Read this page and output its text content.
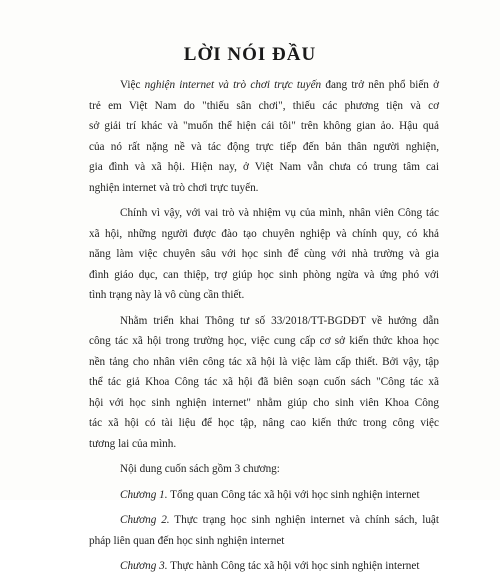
LỜI NÓI ĐẦU
Việc nghiện internet và trò chơi trực tuyến đang trở nên phổ biến ở
trẻ em Việt Nam do "thiếu sân chơi", thiếu các phương tiện và cơ
sở giải trí khác và "muốn thể hiện cái tôi" trên không gian ảo. Hậu quả
của nó rất nặng nề và tác động trực tiếp đến bản thân người nghiện,
gia đình và xã hội. Hiện nay, ở Việt Nam vẫn chưa có trung tâm cai
nghiện internet và trò chơi trực tuyến.
Chính vì vậy, với vai trò và nhiệm vụ của mình, nhân viên Công tác
xã hội, những người được đào tạo chuyên nghiệp và chính quy, có khả
năng làm việc chuyên sâu với học sinh để cùng với nhà trường và gia
đình giáo dục, can thiệp, trợ giúp học sinh phòng ngừa và ứng phó với
tình trạng này là vô cùng cần thiết.
Nhằm triển khai Thông tư số 33/2018/TT-BGDĐT về hướng dẫn
công tác xã hội trong trường học, việc cung cấp cơ sở kiến thức khoa học
nền tảng cho nhân viên công tác xã hội là việc làm cấp thiết. Bởi vậy, tập
thể tác giả Khoa Công tác xã hội đã biên soạn cuốn sách "Công tác xã
hội với học sinh nghiện internet" nhằm giúp cho sinh viên Khoa Công
tác xã hội có tài liệu để học tập, nâng cao kiến thức trong công việc
tương lai của mình.
Nội dung cuốn sách gồm 3 chương:
Chương 1. Tổng quan Công tác xã hội với học sinh nghiện internet
Chương 2. Thực trạng học sinh nghiện internet và chính sách, luật
pháp liên quan đến học sinh nghiện internet
Chương 3. Thực hành Công tác xã hội với học sinh nghiện internet
